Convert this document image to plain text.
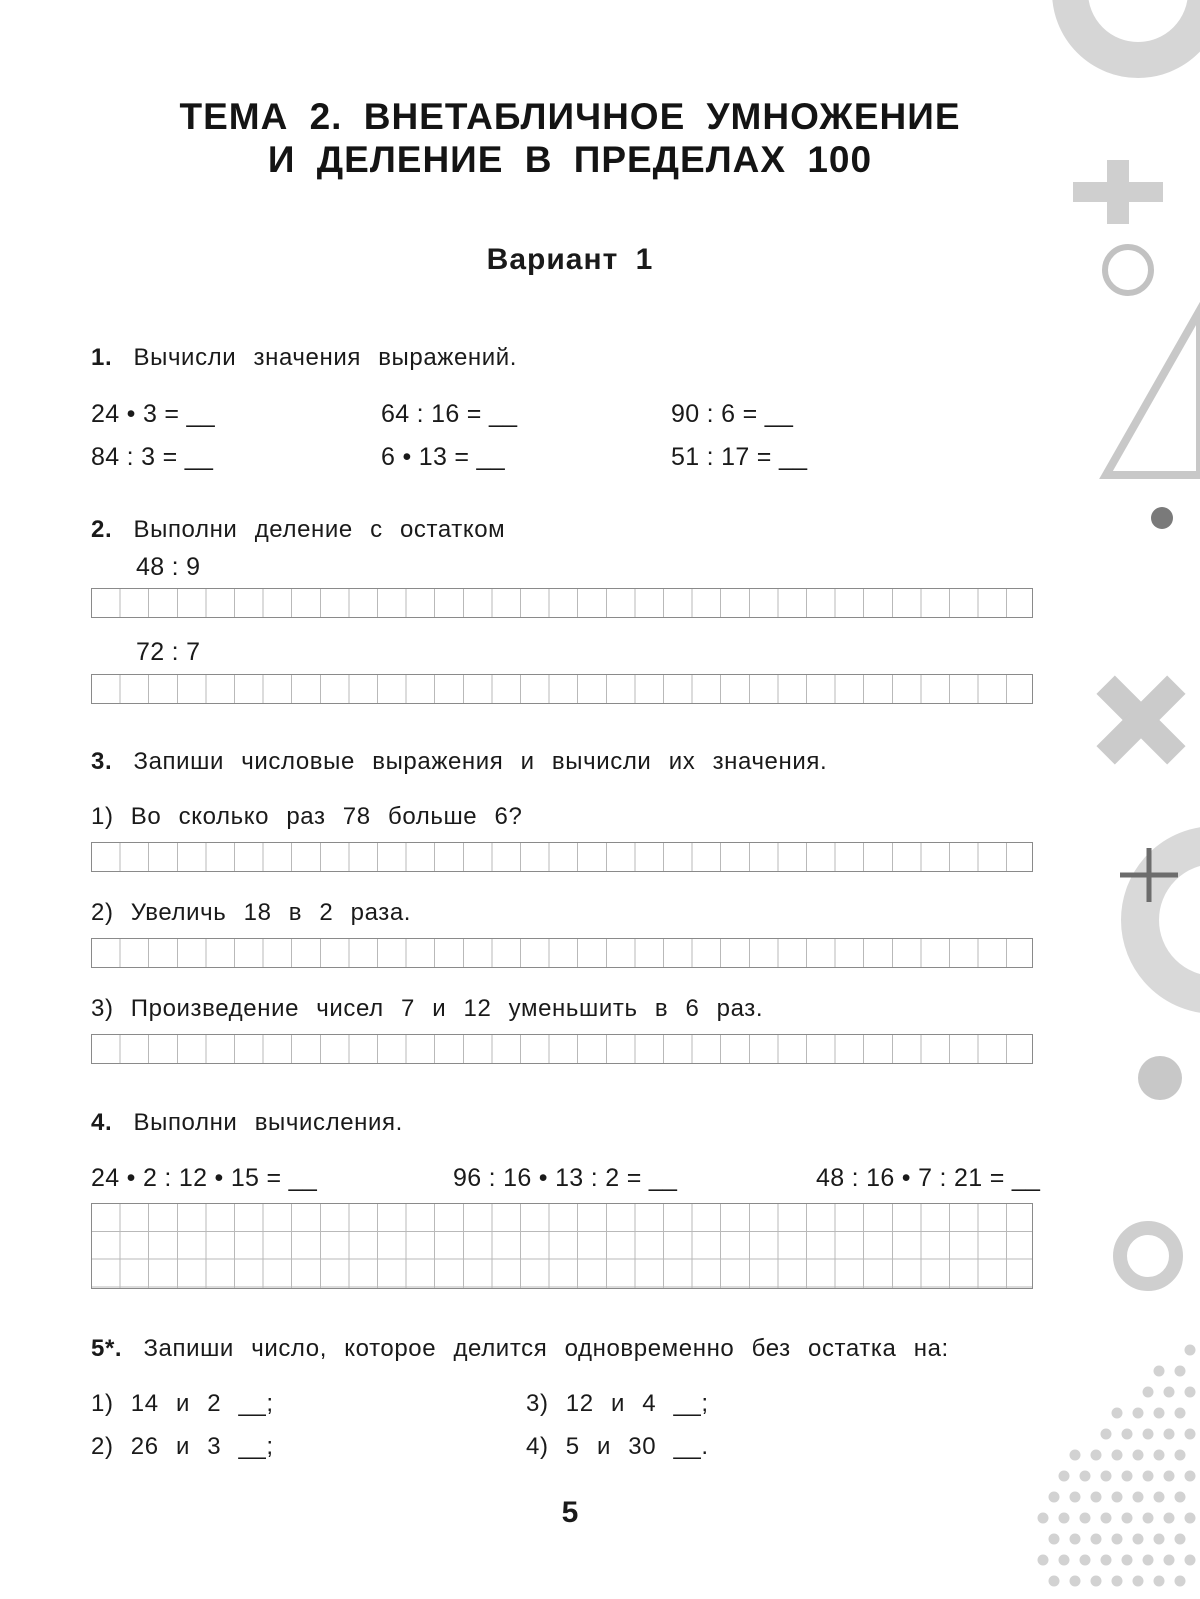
ТЕМА 2. ВНЕТАБЛИЧНОЕ УМНОЖЕНИЕ
И ДЕЛЕНИЕ В ПРЕДЕЛАХ 100
Вариант 1
1. Вычисли значения выражений.
24 • 3 = __	64 : 16 = __	90 : 6 = __
84 : 3 = __	6 • 13 = __	51 : 17 = __
2. Выполни деление с остатком
48 : 9
72 : 7
3. Запиши числовые выражения и вычисли их значения.
1) Во сколько раз 78 больше 6?
2) Увеличь 18 в 2 раза.
3) Произведение чисел 7 и 12 уменьшить в 6 раз.
4. Выполни вычисления.
24 • 2 : 12 • 15 = __	96 : 16 • 13 : 2 = __	48 : 16 • 7 : 21 = __
5*. Запиши число, которое делится одновременно без остатка на:
1) 14 и 2 __;	3) 12 и 4 __;
2) 26 и 3 __;	4) 5 и 30 __.
5
